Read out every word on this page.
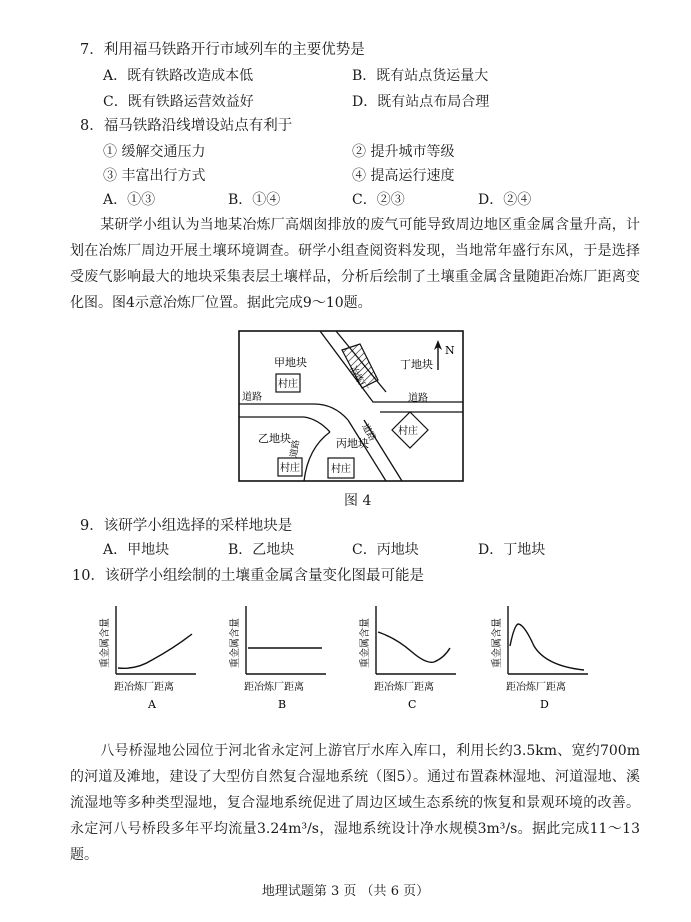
7．利用福马铁路开行市域列车的主要优势是
A．既有铁路改造成本低	B．既有站点货运量大
C．既有铁路运营效益好	D．既有站点布局合理
8．福马铁路沿线增设站点有利于
① 缓解交通压力	② 提升城市等级
③ 丰富出行方式	④ 提高运行速度
A．①③	B．①④	C．②③	D．②④
某研学小组认为当地某冶炼厂高烟囱排放的废气可能导致周边地区重金属含量升高，计划在冶炼厂周边开展土壤环境调查。研学小组查阅资料发现，当地常年盛行东风，于是选择受废气影响最大的地块采集表层土壤样品，分析后绘制了土壤重金属含量随距冶炼厂距离变化图。图4示意冶炼厂位置。据此完成9～10题。
冶炼厂
村庄
村庄	村庄
村庄
甲地块	丁地块
乙地块	丙地块
道路	道路
道路
道路
N
图 4
9．该研学小组选择的采样地块是
A．甲地块	B．乙地块	C．丙地块	D．丁地块
10．该研学小组绘制的土壤重金属含量变化图最可能是
重金属含量
距冶炼厂距离
A
重金属含量
距冶炼厂距离
B
重金属含量
距冶炼厂距离
C
重金属含量
距冶炼厂距离
D
八号桥湿地公园位于河北省永定河上游官厅水库入库口，利用长约3.5km、宽约700m的河道及滩地，建设了大型仿自然复合湿地系统（图5）。通过布置森林湿地、河道湿地、溪流湿地等多种类型湿地，复合湿地系统促进了周边区域生态系统的恢复和景观环境的改善。永定河八号桥段多年平均流量3.24m³/s，湿地系统设计净水规模3m³/s。据此完成11～13题。
地理试题第 3 页 （共 6 页）
